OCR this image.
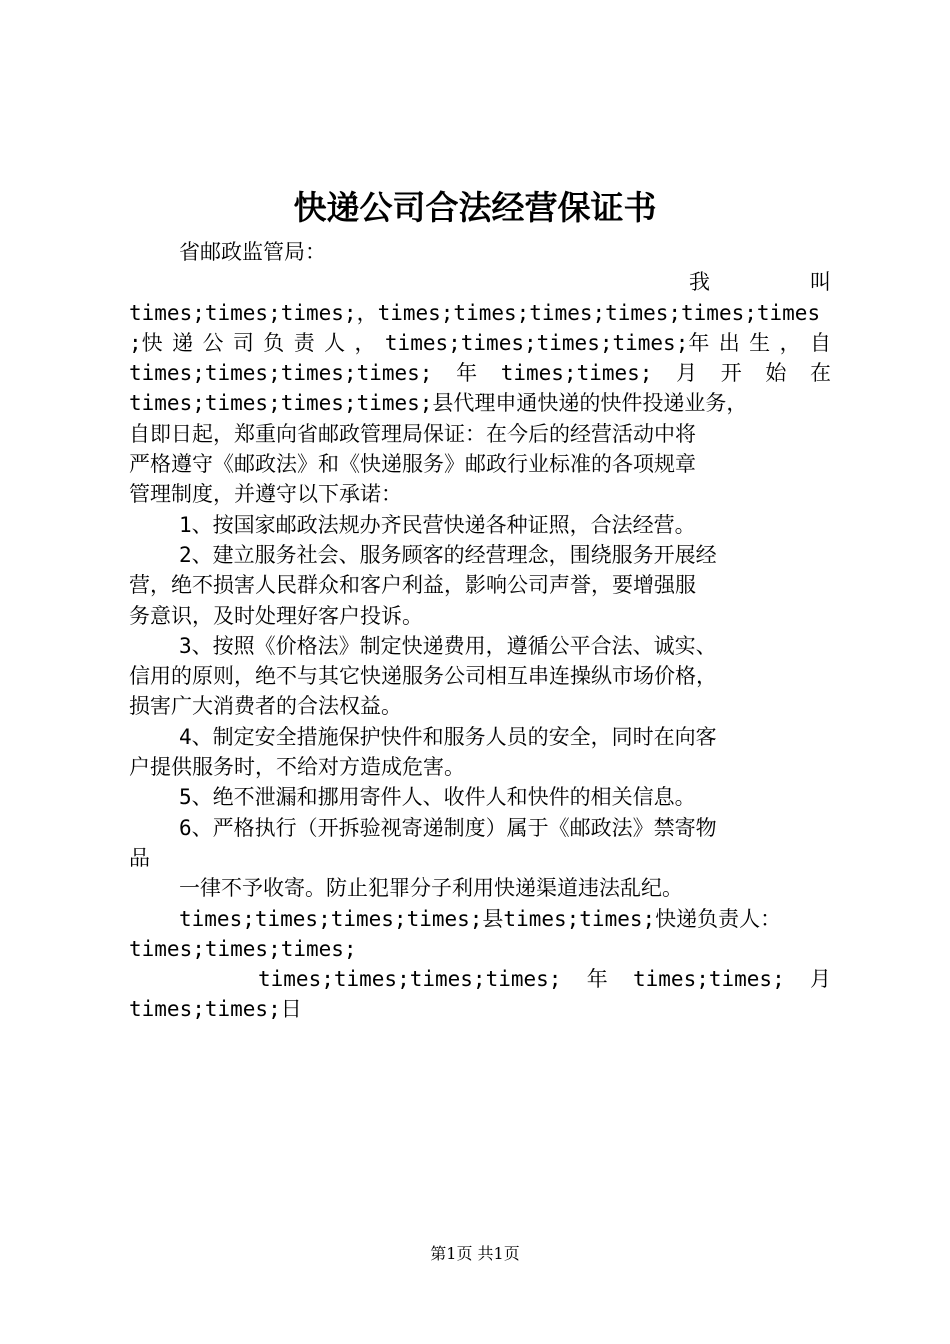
快递公司合法经营保证书
省邮政监管局：
我	叫
times;times;times;，times;times;times;times;times;times
;快 递 公 司 负 责 人 ， times;times;times;times;年 出 生 ， 自
times;times;times;times; 年 times;times; 月 开 始 在
times;times;times;times;县代理申通快递的快件投递业务，
自即日起，郑重向省邮政管理局保证：在今后的经营活动中将
严格遵守《邮政法》和《快递服务》邮政行业标准的各项规章
管理制度，并遵守以下承诺：
1、按国家邮政法规办齐民营快递各种证照，合法经营。
2、建立服务社会、服务顾客的经营理念，围绕服务开展经
营，绝不损害人民群众和客户利益，影响公司声誉，要增强服
务意识，及时处理好客户投诉。
3、按照《价格法》制定快递费用，遵循公平合法、诚实、
信用的原则，绝不与其它快递服务公司相互串连操纵市场价格，
损害广大消费者的合法权益。
4、制定安全措施保护快件和服务人员的安全，同时在向客
户提供服务时，不给对方造成危害。
5、绝不泄漏和挪用寄件人、收件人和快件的相关信息。
6、严格执行（开拆验视寄递制度）属于《邮政法》禁寄物
品
一律不予收寄。防止犯罪分子利用快递渠道违法乱纪。
times;times;times;times;县times;times;快递负责人：
times;times;times;
times;times;times;times; 年 times;times; 月
times;times;日
第1页 共1页
